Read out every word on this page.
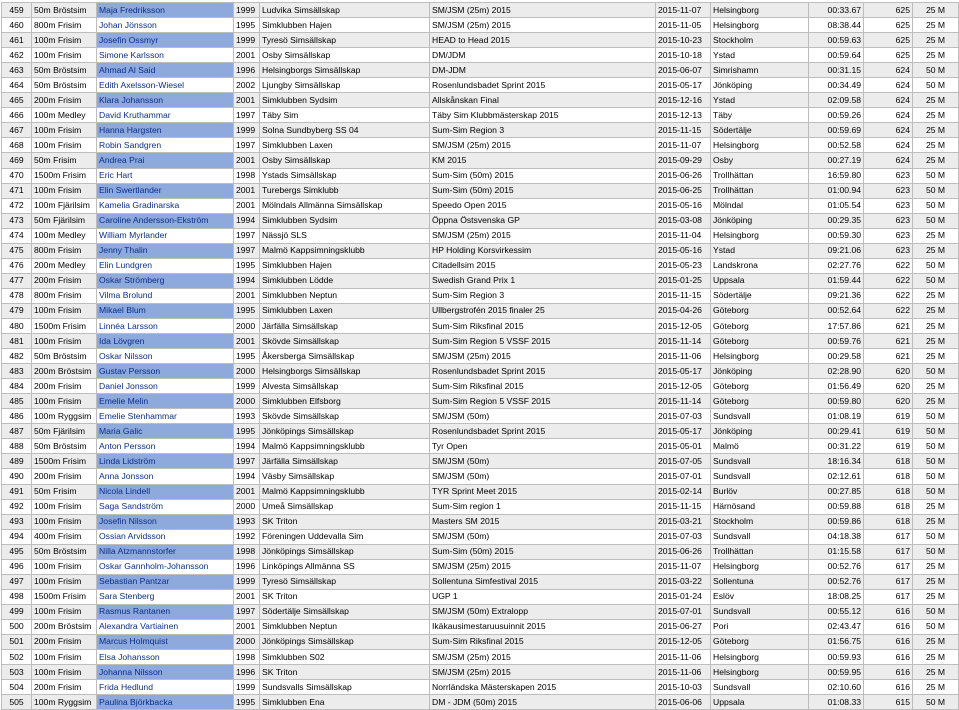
459	50m Bröstsim	Maja Fredriksson	1999	Ludvika Simsällskap	SM/JSM (25m) 2015	2015-11-07	Helsingborg	00:33.67	625	25 M
460	800m Frisim	Johan Jönsson	1995	Simklubben Hajen	SM/JSM (25m) 2015	2015-11-05	Helsingborg	08:38.44	625	25 M
461	100m Frisim	Josefin Ossmyr	1999	Tyresö Simsällskap	HEAD to Head 2015	2015-10-23	Stockholm	00:59.63	625	25 M
462	100m Frisim	Simone Karlsson	2001	Osby Simsällskap	DM/JDM	2015-10-18	Ystad	00:59.64	625	25 M
463	50m Bröstsim	Ahmad Al Said	1996	Helsingborgs Simsällskap	DM-JDM	2015-06-07	Simrishamn	00:31.15	624	50 M
464	50m Bröstsim	Edith Axelsson-Wiesel	2002	Ljungby Simsällskap	Rosenlundsbadet Sprint 2015	2015-05-17	Jönköping	00:34.49	624	50 M
465	200m Frisim	Klara Johansson	2001	Simklubben Sydsim	Allskånskan Final	2015-12-16	Ystad	02:09.58	624	25 M
466	100m Medley	David Kruthammar	1997	Täby Sim	Täby Sim Klubbmästerskap 2015	2015-12-13	Täby	00:59.26	624	25 M
467	100m Frisim	Hanna Hargsten	1999	Solna Sundbyberg SS 04	Sum-Sim Region 3	2015-11-15	Södertälje	00:59.69	624	25 M
468	100m Frisim	Robin Sandgren	1997	Simklubben Laxen	SM/JSM (25m) 2015	2015-11-07	Helsingborg	00:52.58	624	25 M
469	50m Frisim	Andrea Prai	2001	Osby Simsällskap	KM 2015	2015-09-29	Osby	00:27.19	624	25 M
470	1500m Frisim	Eric Hart	1998	Ystads Simsällskap	Sum-Sim (50m) 2015	2015-06-26	Trollhättan	16:59.80	623	50 M
471	100m Frisim	Elin Swertlander	2001	Turebergs Simklubb	Sum-Sim (50m) 2015	2015-06-25	Trollhättan	01:00.94	623	50 M
472	100m Fjärilsim	Kamelia Gradinarska	2001	Mölndals Allmänna Simsällskap	Speedo Open 2015	2015-05-16	Mölndal	01:05.54	623	50 M
473	50m Fjärilsim	Caroline Andersson-Ekström	1994	Simklubben Sydsim	Öppna Östsvenska GP	2015-03-08	Jönköping	00:29.35	623	50 M
474	100m Medley	William Myrlander	1997	Nässjö SLS	SM/JSM (25m) 2015	2015-11-04	Helsingborg	00:59.30	623	25 M
475	800m Frisim	Jenny Thalin	1997	Malmö Kappsimningsklubb	HP Holding Korsvirkessim	2015-05-16	Ystad	09:21.06	623	25 M
476	200m Medley	Elin Lundgren	1995	Simklubben Hajen	Citadellsim 2015	2015-05-23	Landskrona	02:27.76	622	50 M
477	200m Frisim	Oskar Strömberg	1994	Simklubben Lödde	Swedish Grand Prix 1	2015-01-25	Uppsala	01:59.44	622	50 M
478	800m Frisim	Vilma Brolund	2001	Simklubben Neptun	Sum-Sim Region 3	2015-11-15	Södertälje	09:21.36	622	25 M
479	100m Frisim	Mikael Blum	1995	Simklubben Laxen	Ullbergstrofén 2015 finaler 25	2015-04-26	Göteborg	00:52.64	622	25 M
480	1500m Frisim	Linnéa Larsson	2000	Järfälla Simsällskap	Sum-Sim Riksfinal 2015	2015-12-05	Göteborg	17:57.86	621	25 M
481	100m Frisim	Ida Lövgren	2001	Skövde Simsällskap	Sum-Sim Region 5 VSSF 2015	2015-11-14	Göteborg	00:59.76	621	25 M
482	50m Bröstsim	Oskar Nilsson	1995	Åkersberga Simsällskap	SM/JSM (25m) 2015	2015-11-06	Helsingborg	00:29.58	621	25 M
483	200m Bröstsim	Gustav Persson	2000	Helsingborgs Simsällskap	Rosenlundsbadet Sprint 2015	2015-05-17	Jönköping	02:28.90	620	50 M
484	200m Frisim	Daniel Jonsson	1999	Alvesta Simsällskap	Sum-Sim Riksfinal 2015	2015-12-05	Göteborg	01:56.49	620	25 M
485	100m Frisim	Emelie Melin	2000	Simklubben Elfsborg	Sum-Sim Region 5 VSSF 2015	2015-11-14	Göteborg	00:59.80	620	25 M
486	100m Ryggsim	Emelie Stenhammar	1993	Skövde Simsällskap	SM/JSM (50m)	2015-07-03	Sundsvall	01:08.19	619	50 M
487	50m Fjärilsim	Maria Galic	1995	Jönköpings Simsällskap	Rosenlundsbadet Sprint 2015	2015-05-17	Jönköping	00:29.41	619	50 M
488	50m Bröstsim	Anton Persson	1994	Malmö Kappsimningsklubb	Tyr Open	2015-05-01	Malmö	00:31.22	619	50 M
489	1500m Frisim	Linda Lidström	1997	Järfälla Simsällskap	SM/JSM (50m)	2015-07-05	Sundsvall	18:16.34	618	50 M
490	200m Frisim	Anna Jonsson	1994	Väsby Simsällskap	SM/JSM (50m)	2015-07-01	Sundsvall	02:12.61	618	50 M
491	50m Frisim	Nicola Lindell	2001	Malmö Kappsimningsklubb	TYR Sprint Meet 2015	2015-02-14	Burlöv	00:27.85	618	50 M
492	100m Frisim	Saga Sandström	2000	Umeå Simsällskap	Sum-Sim region 1	2015-11-15	Härnösand	00:59.88	618	25 M
493	100m Frisim	Josefin Nilsson	1993	SK Triton	Masters SM 2015	2015-03-21	Stockholm	00:59.86	618	25 M
494	400m Frisim	Ossian Arvidsson	1992	Föreningen Uddevalla Sim	SM/JSM (50m)	2015-07-03	Sundsvall	04:18.38	617	50 M
495	50m Bröstsim	Nilla Atzmannstorfer	1998	Jönköpings Simsällskap	Sum-Sim (50m) 2015	2015-06-26	Trollhättan	01:15.58	617	50 M
496	100m Frisim	Oskar Gannholm-Johansson	1996	Linköpings Allmänna SS	SM/JSM (25m) 2015	2015-11-07	Helsingborg	00:52.76	617	25 M
497	100m Frisim	Sebastian Pantzar	1999	Tyresö Simsällskap	Sollentuna Simfestival 2015	2015-03-22	Sollentuna	00:52.76	617	25 M
498	1500m Frisim	Sara Stenberg	2001	SK Triton	UGP 1	2015-01-24	Eslöv	18:08.25	617	25 M
499	100m Frisim	Rasmus Rantanen	1997	Södertälje Simsällskap	SM/JSM (50m) Extralopp	2015-07-01	Sundsvall	00:55.12	616	50 M
500	200m Bröstsim	Alexandra Vartiainen	2001	Simklubben Neptun	Ikäkausimestaruusuinnit 2015	2015-06-27	Pori	02:43.47	616	50 M
501	200m Frisim	Marcus Holmquist	2000	Jönköpings Simsällskap	Sum-Sim Riksfinal 2015	2015-12-05	Göteborg	01:56.75	616	25 M
502	100m Frisim	Elsa Johansson	1998	Simklubben S02	SM/JSM (25m) 2015	2015-11-06	Helsingborg	00:59.93	616	25 M
503	100m Frisim	Johanna Nilsson	1996	SK Triton	SM/JSM (25m) 2015	2015-11-06	Helsingborg	00:59.95	616	25 M
504	200m Frisim	Frida Hedlund	1999	Sundsvalls Simsällskap	Norrländska Mästerskapen 2015	2015-10-03	Sundsvall	02:10.60	616	25 M
505	100m Ryggsim	Paulina Björkbacka	1995	Simklubben Ena	DM - JDM (50m) 2015	2015-06-06	Uppsala	01:08.33	615	50 M
